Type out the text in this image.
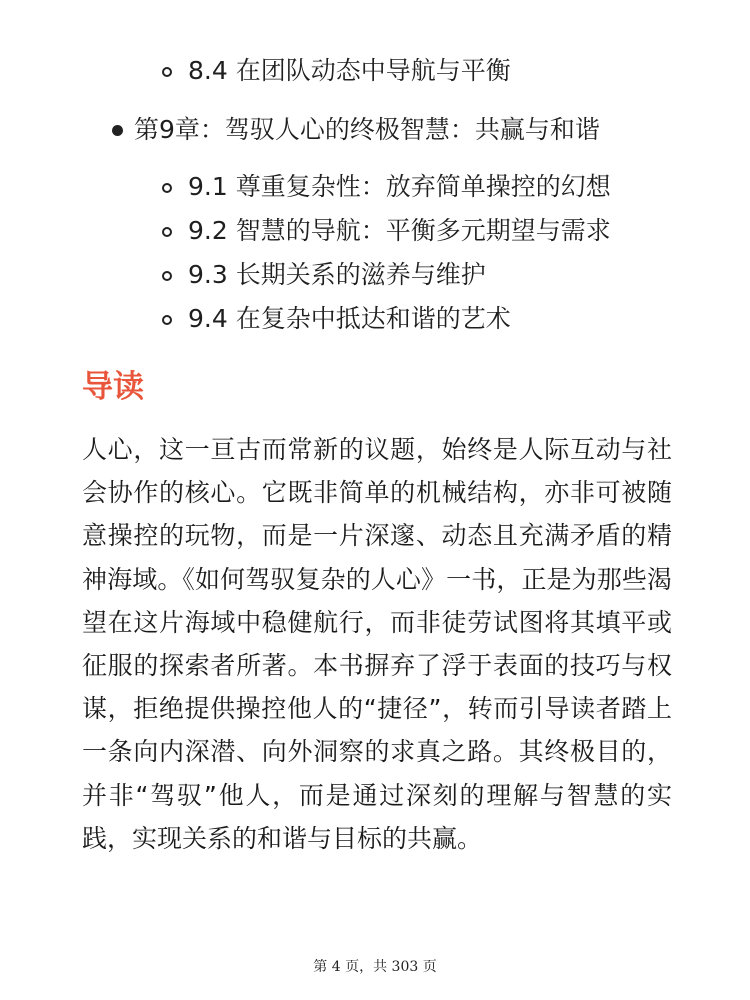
8.4 在团队动态中导航与平衡
第9章：驾驭人心的终极智慧：共赢与和谐
9.1 尊重复杂性：放弃简单操控的幻想
9.2 智慧的导航：平衡多元期望与需求
9.3 长期关系的滋养与维护
9.4 在复杂中抵达和谐的艺术
导读

人心，这一亘古而常新的议题，始终是人际互动与社会协作的核心。它既非简单的机械结构，亦非可被随意操控的玩物，而是一片深邃、动态且充满矛盾的精神海域。《如何驾驭复杂的人心》一书，正是为那些渴望在这片海域中稳健航行，而非徒劳试图将其填平或征服的探索者所著。本书摒弃了浮于表面的技巧与权谋，拒绝提供操控他人的“捷径”，转而引导读者踏上一条向内深潜、向外洞察的求真之路。其终极目的，并非“驾驭”他人，而是通过深刻的理解与智慧的实践，实现关系的和谐与目标的共赢。

第 4 页，共 303 页
